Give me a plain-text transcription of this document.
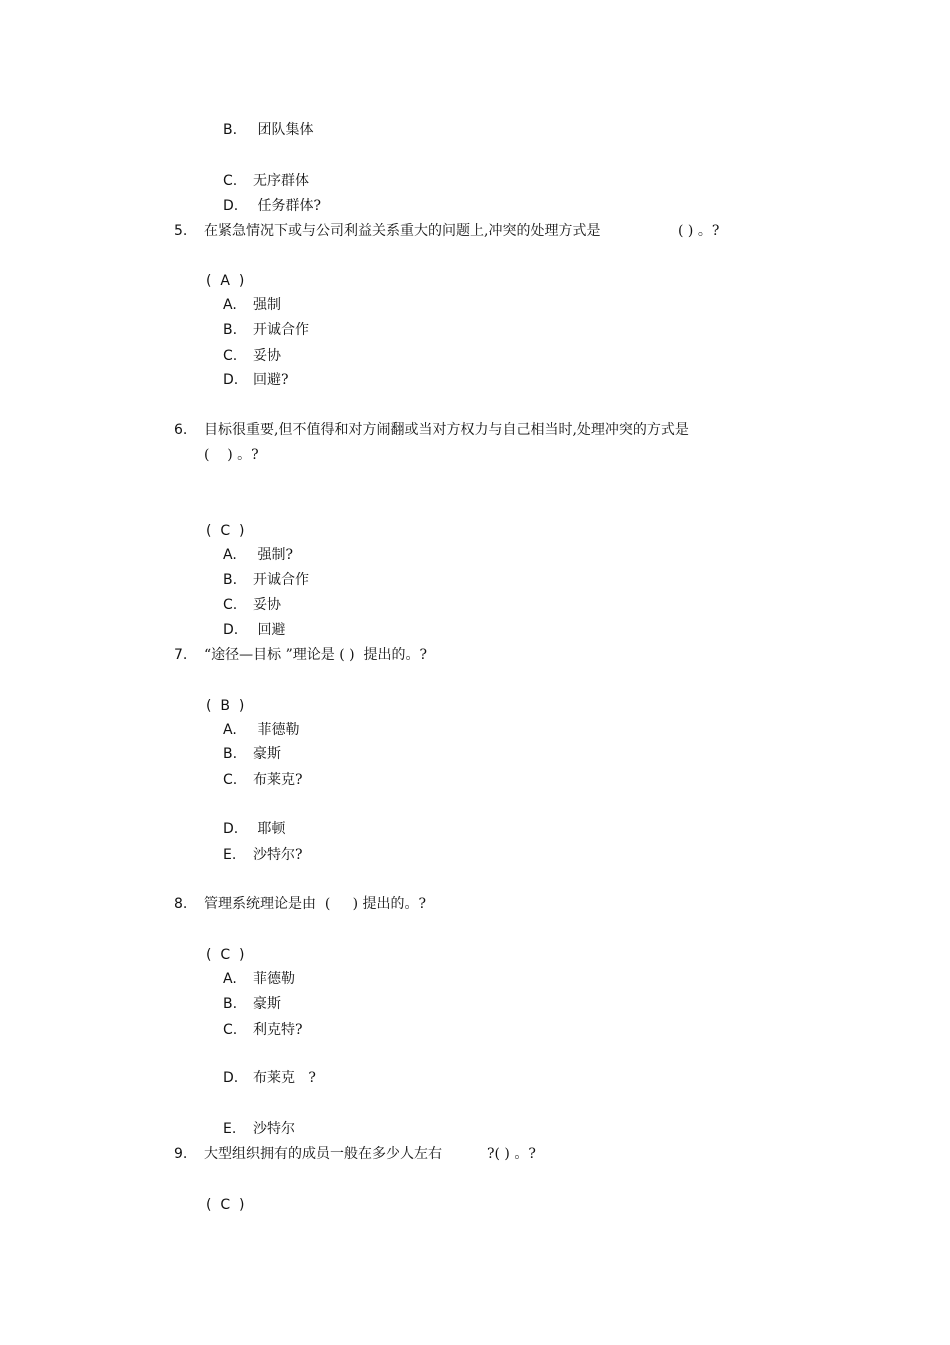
B. 团队集体
C. 无序群体
D. 任务群体?
5. 在紧急情况下或与公司利益关系重大的问题上,冲突的处理方式是	( ) 。?
(  A  )
A. 强制
B. 开诚合作
C. 妥协
D. 回避?
6. 目标很重要,但不值得和对方闹翻或当对方权力与自己相当时,处理冲突的方式是
(    ) 。?
(  C  )
A. 强制?
B. 开诚合作
C. 妥协
D. 回避
7. “途径—目标 ”理论是 ( )  提出的。?
(  B  )
A. 菲德勒
B. 豪斯
C. 布莱克?
D. 耶顿
E. 沙特尔?
8. 管理系统理论是由  (     ) 提出的。?
(  C  )
A. 菲德勒
B. 豪斯
C. 利克特?
D. 布莱克   ?
E. 沙特尔
9. 大型组织拥有的成员一般在多少人左右	?( ) 。?
(  C  )
